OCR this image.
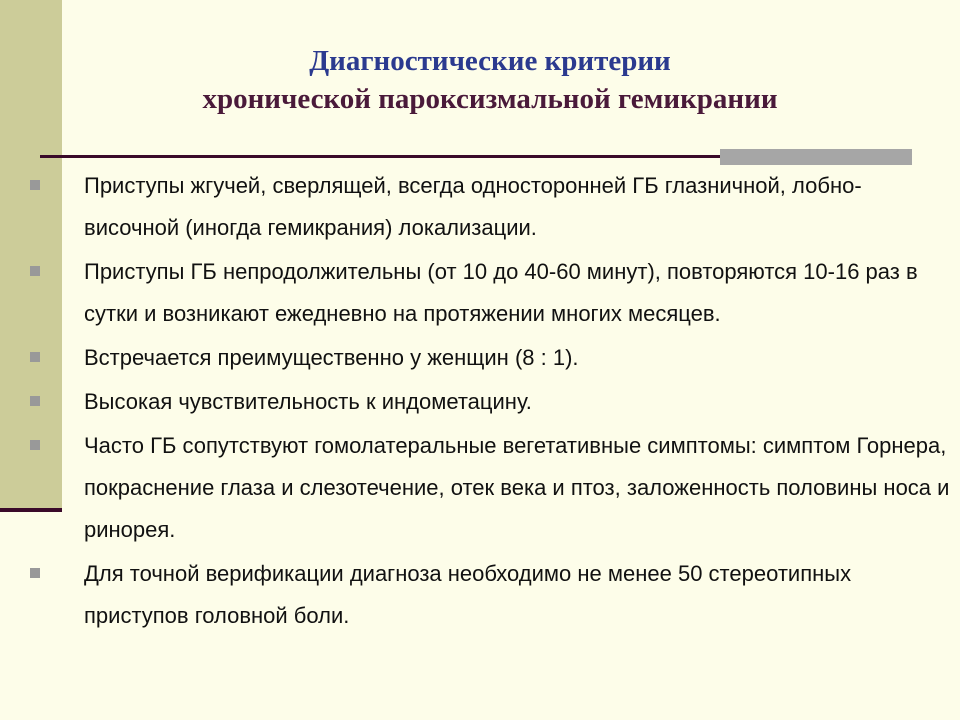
Диагностические критерии
хронической пароксизмальной гемикрании
Приступы жгучей, сверлящей, всегда односторонней ГБ глазничной, лобно-височной (иногда гемикрания) локализации.
Приступы ГБ непродолжительны (от 10 до 40-60 минут), повторяются 10-16 раз в сутки и возникают ежедневно на протяжении многих месяцев.
Встречается преимущественно у женщин (8 : 1).
Высокая чувствительность к индометацину.
Часто ГБ сопутствуют гомолатеральные вегетативные симптомы: симптом Горнера, покраснение глаза и слезотечение, отек века и птоз, заложенность половины носа и ринорея.
Для точной верификации диагноза необходимо не менее 50 стереотипных приступов головной боли.
